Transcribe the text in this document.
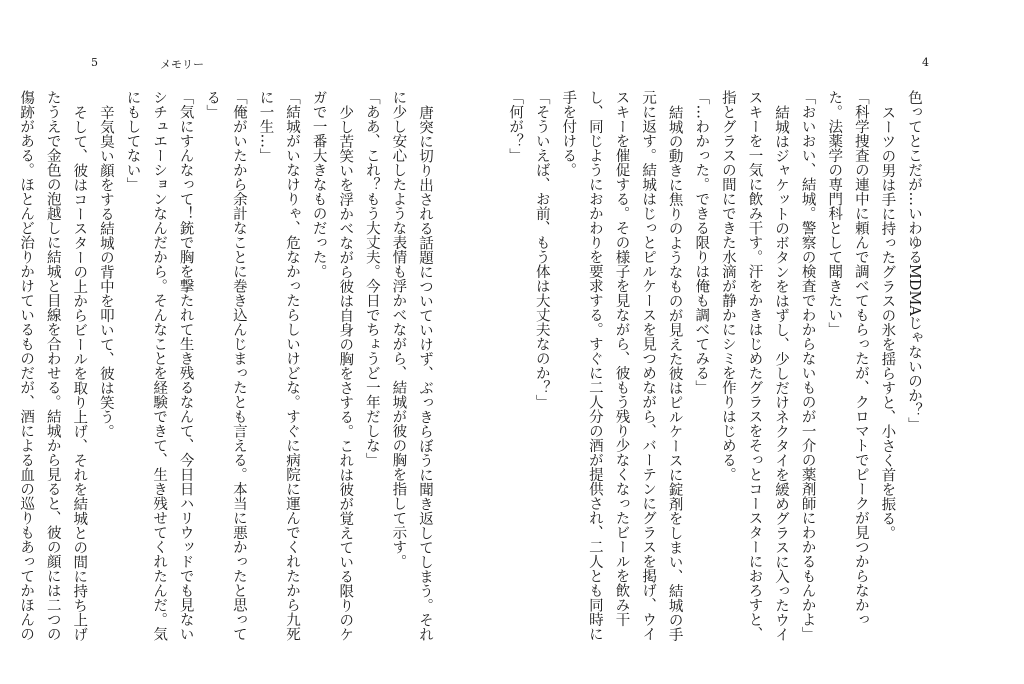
5	メモリー

唐突に切り出される話題についていけず、ぶっきらぼうに聞き返してしまう。それに少し安心したような表情も浮かべながら、結城が彼の胸を指して示す。

「ああ、これ？もう大丈夫。今日でちょうど一年だしな」

少し苦笑いを浮かべながら彼は自身の胸をさする。これは彼が覚えている限りのケガで一番大きなものだった。

「結城がいなけりゃ、危なかったらしいけどな。すぐに病院に運んでくれたから九死に一生…」

「俺がいたから余計なことに巻き込んじまったとも言える。本当に悪かったと思ってる」

「気にすんなって！銃で胸を撃たれて生き残るなんて、今日日ハリウッドでも見ないシチュエーションなんだから。そんなことを経験できて、生き残せてくれたんだ。気にもしてない」

辛気臭い顔をする結城の背中を叩いて、彼は笑う。

そして、彼はコースターの上からビールを取り上げ、それを結城との間に持ち上げたうえで金色の泡越しに結城と目線を合わせる。結城から見ると、彼の顔には二つの傷跡がある。ほとんど治りかけているものだが、酒による血の巡りもあってかほんの

4

色ってとこだが…いわゆるMDMAじゃないのか？」

スーツの男は手に持ったグラスの氷を揺らすと、小さく首を振る。

「科学捜査の連中に頼んで調べてもらったが、クロマトでピークが見つからなかった。法薬学の専門科として聞きたい」

「おいおい、結城。警察の検査でわからないものが一介の薬剤師にわかるもんかよ」

結城はジャケットのボタンをはずし、少しだけネクタイを緩めグラスに入ったウイスキーを一気に飲み干す。汗をかきはじめたグラスをそっとコースターにおろすと、指とグラスの間にできた水滴が静かにシミを作りはじめる。

「…わかった。できる限りは俺も調べてみる」

結城の動きに焦りのようなものが見えた彼はピルケースに錠剤をしまい、結城の手元に返す。結城はじっとピルケースを見つめながら、バーテンにグラスを掲げ、ウイスキーを催促する。その様子を見ながら、彼もう残り少なくなったビールを飲み干し、同じようにおかわりを要求する。すぐに二人分の酒が提供され、二人とも同時に手を付ける。

「そういえば、お前、もう体は大丈夫なのか？」

「何が？」
